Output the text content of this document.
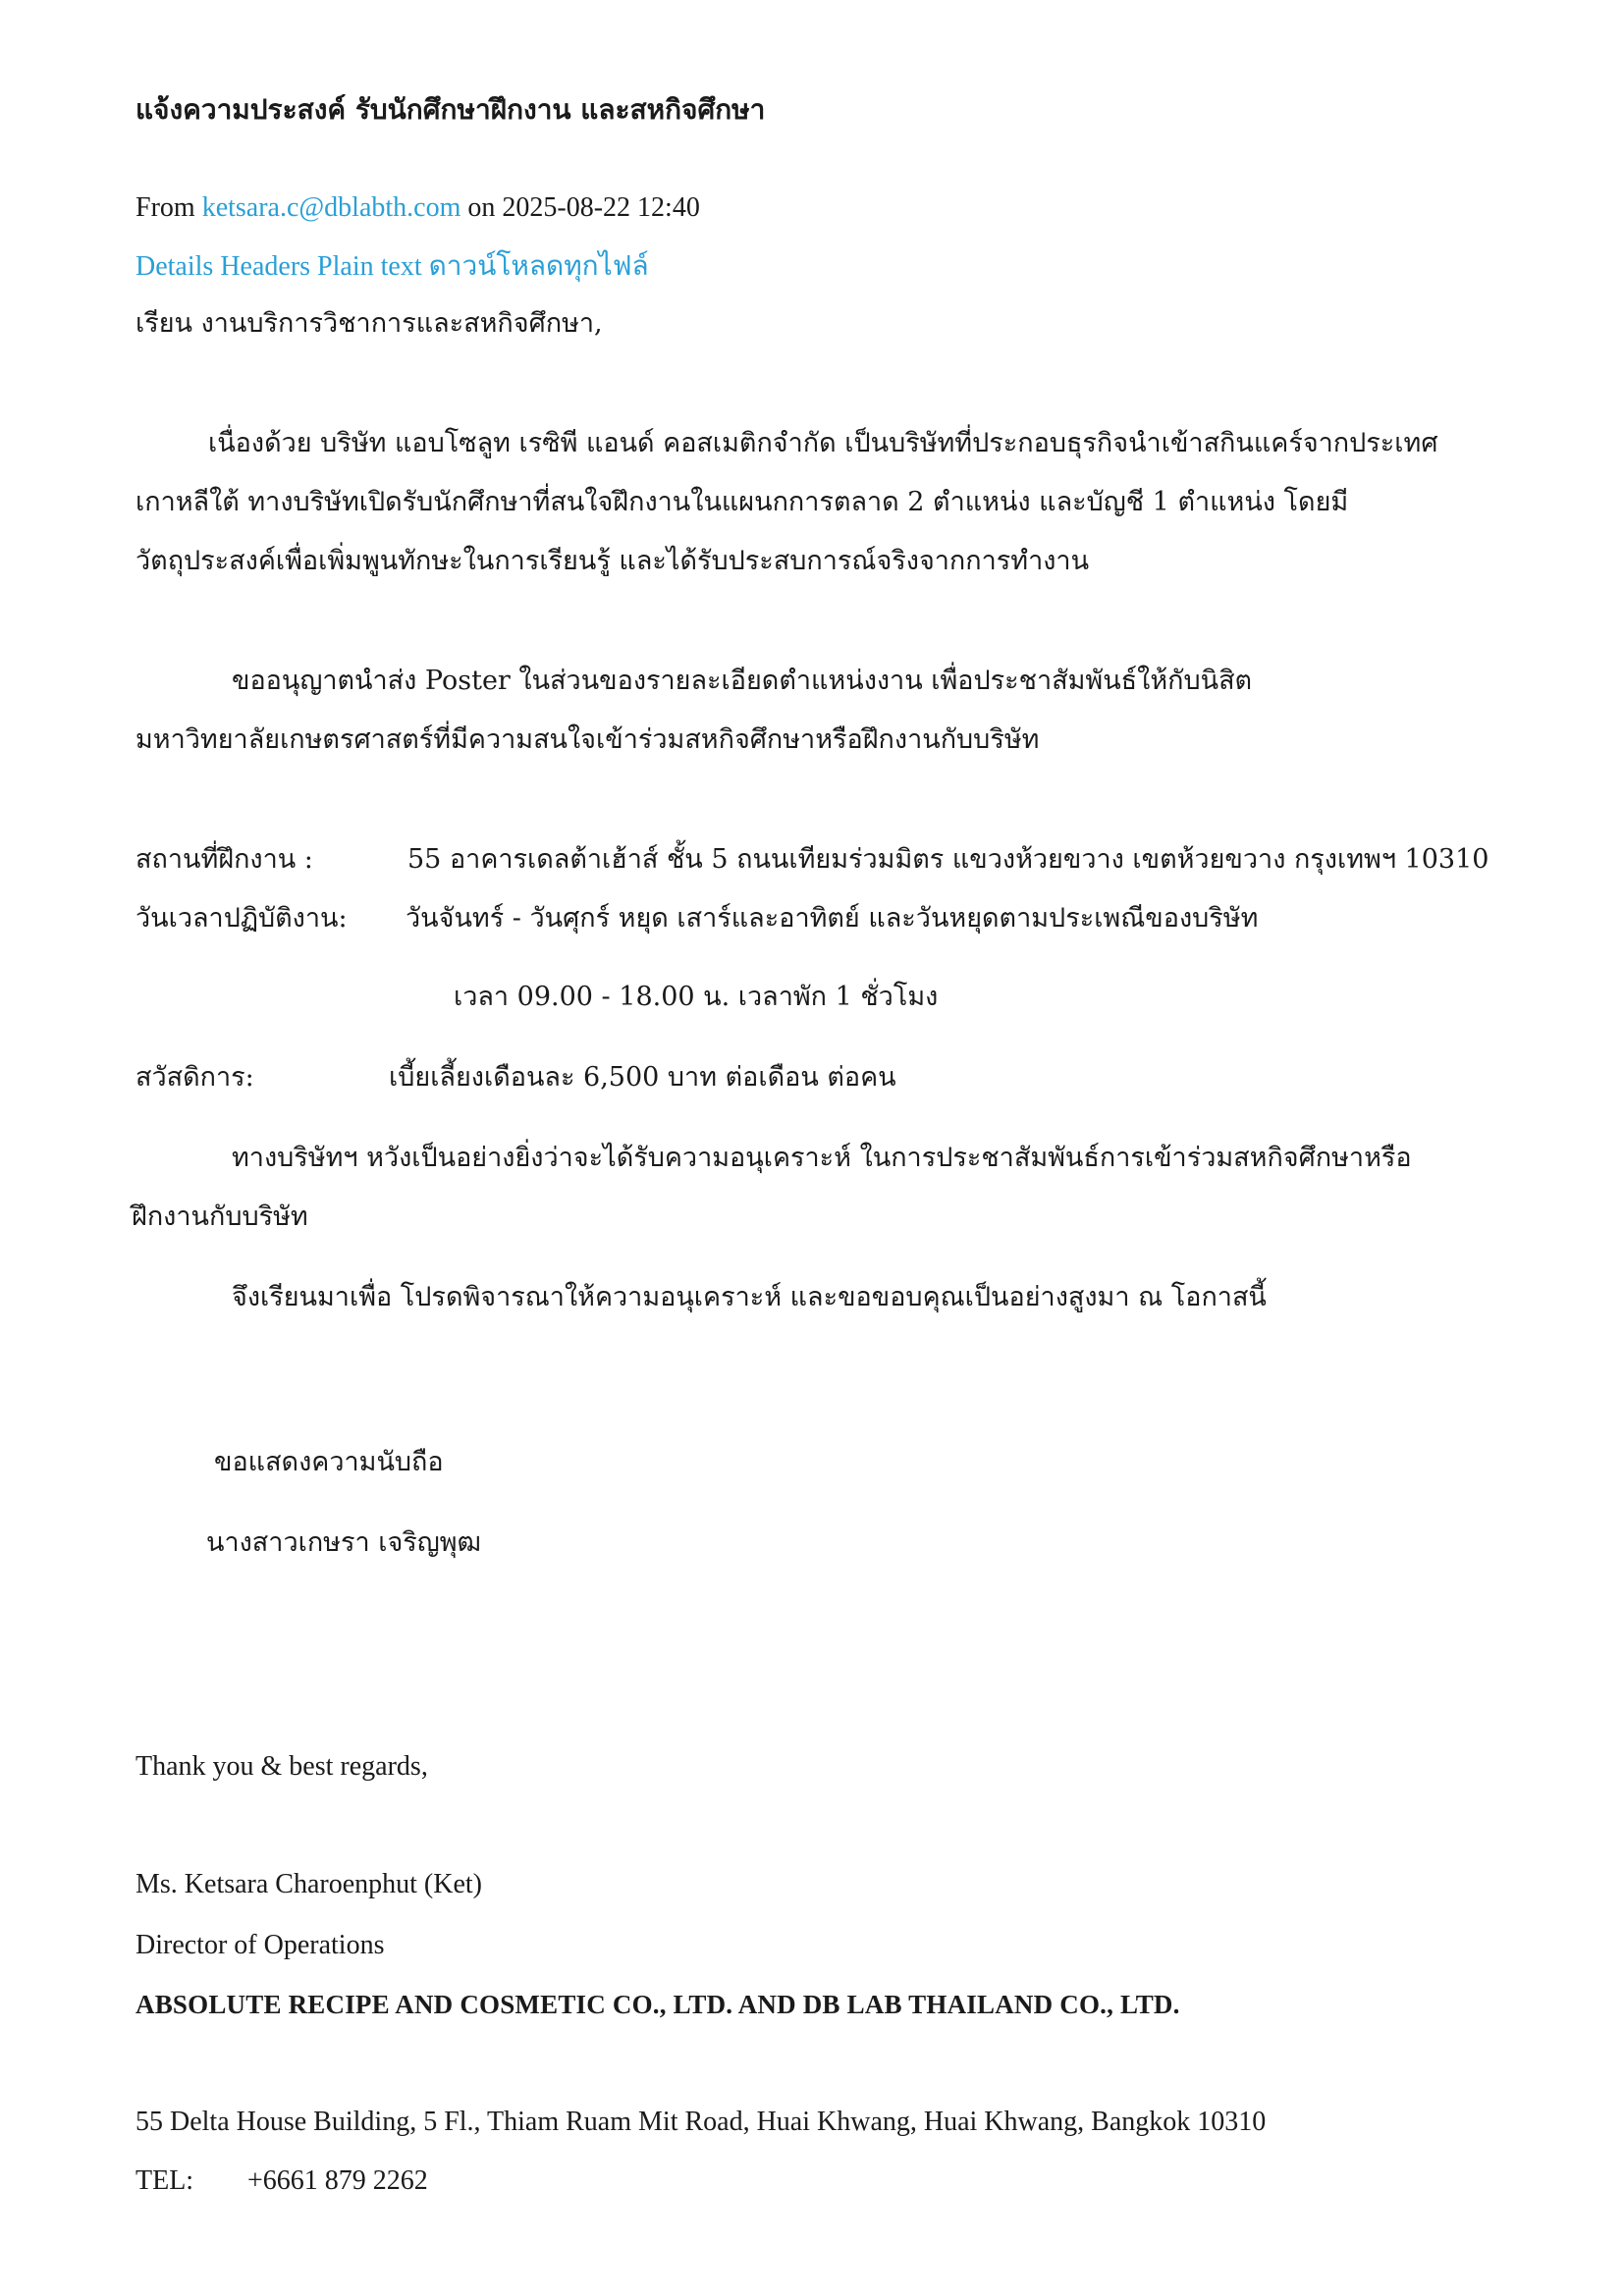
แจ้งความประสงค์ รับนักศึกษาฝึกงาน และสหกิจศึกษา
From ketsara.c@dblabth.com on 2025-08-22 12:40
Details Headers Plain text ดาวน์โหลดทุกไฟล์
เรียน งานบริการวิชาการและสหกิจศึกษา,
เนื่องด้วย บริษัท แอบโซลูท เรซิพี แอนด์ คอสเมติกจำกัด เป็นบริษัทที่ประกอบธุรกิจนำเข้าสกินแคร์จากประเทศ
เกาหลีใต้ ทางบริษัทเปิดรับนักศึกษาที่สนใจฝึกงานในแผนกการตลาด 2 ตำแหน่ง และบัญชี 1 ตำแหน่ง โดยมี
วัตถุประสงค์เพื่อเพิ่มพูนทักษะในการเรียนรู้ และได้รับประสบการณ์จริงจากการทำงาน
ขออนุญาตนำส่ง Poster ในส่วนของรายละเอียดตำแหน่งงาน เพื่อประชาสัมพันธ์ให้กับนิสิต
มหาวิทยาลัยเกษตรศาสตร์ที่มีความสนใจเข้าร่วมสหกิจศึกษาหรือฝึกงานกับบริษัท
สถานที่ฝึกงาน :	55 อาคารเดลต้าเฮ้าส์ ชั้น 5 ถนนเทียมร่วมมิตร แขวงห้วยขวาง เขตห้วยขวาง กรุงเทพฯ 10310
วันเวลาปฏิบัติงาน: วันจันทร์ - วันศุกร์ หยุด เสาร์และอาทิตย์ และวันหยุดตามประเพณีของบริษัท
เวลา 09.00 - 18.00 น. เวลาพัก 1 ชั่วโมง
สวัสดิการ:	เบี้ยเลี้ยงเดือนละ 6,500 บาท ต่อเดือน ต่อคน
ทางบริษัทฯ หวังเป็นอย่างยิ่งว่าจะได้รับความอนุเคราะห์ ในการประชาสัมพันธ์การเข้าร่วมสหกิจศึกษาหรือ
ฝึกงานกับบริษัท
จึงเรียนมาเพื่อ โปรดพิจารณาให้ความอนุเคราะห์ และขอขอบคุณเป็นอย่างสูงมา ณ โอกาสนี้
ขอแสดงความนับถือ
นางสาวเกษรา เจริญพุฒ
Thank you & best regards,
Ms. Ketsara Charoenphut (Ket)
Director of Operations
ABSOLUTE RECIPE AND COSMETIC CO., LTD. AND DB LAB THAILAND CO., LTD.
55 Delta House Building, 5 Fl., Thiam Ruam Mit Road, Huai Khwang, Huai Khwang, Bangkok 10310
TEL: +6661 879 2262
